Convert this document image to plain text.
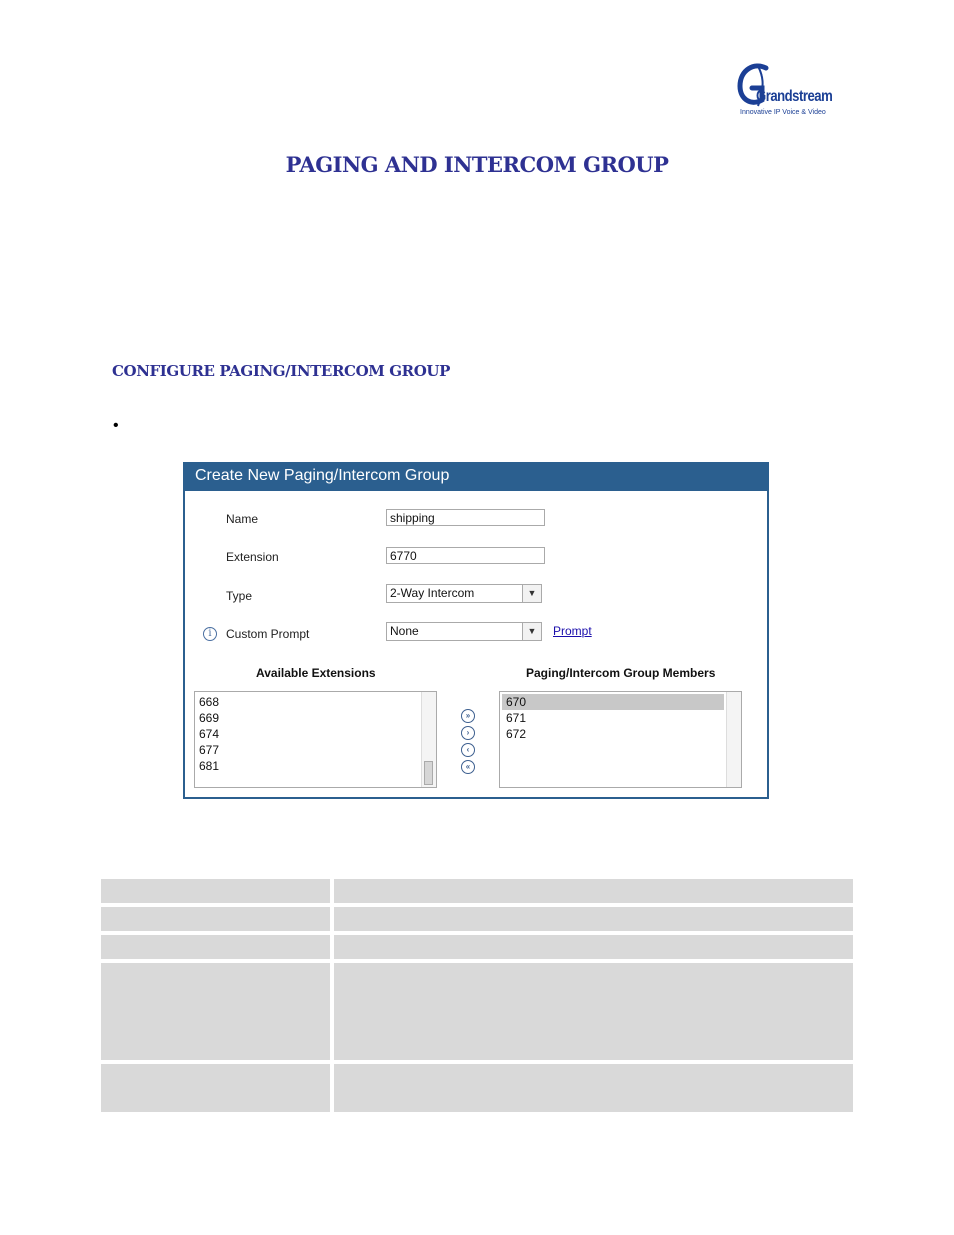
Grandstream
Innovative IP Voice & Video
PAGING AND INTERCOM GROUP
CONFIGURE PAGING/INTERCOM GROUP
•
Create New Paging/Intercom Group
Name	shipping
Extension	6770
Type	2-Way Intercom	▼
i	Custom Prompt	None	▼	Prompt
Available Extensions	Paging/Intercom Group Members
668
669
674
677
681
»
›
‹
«
670
671
672
